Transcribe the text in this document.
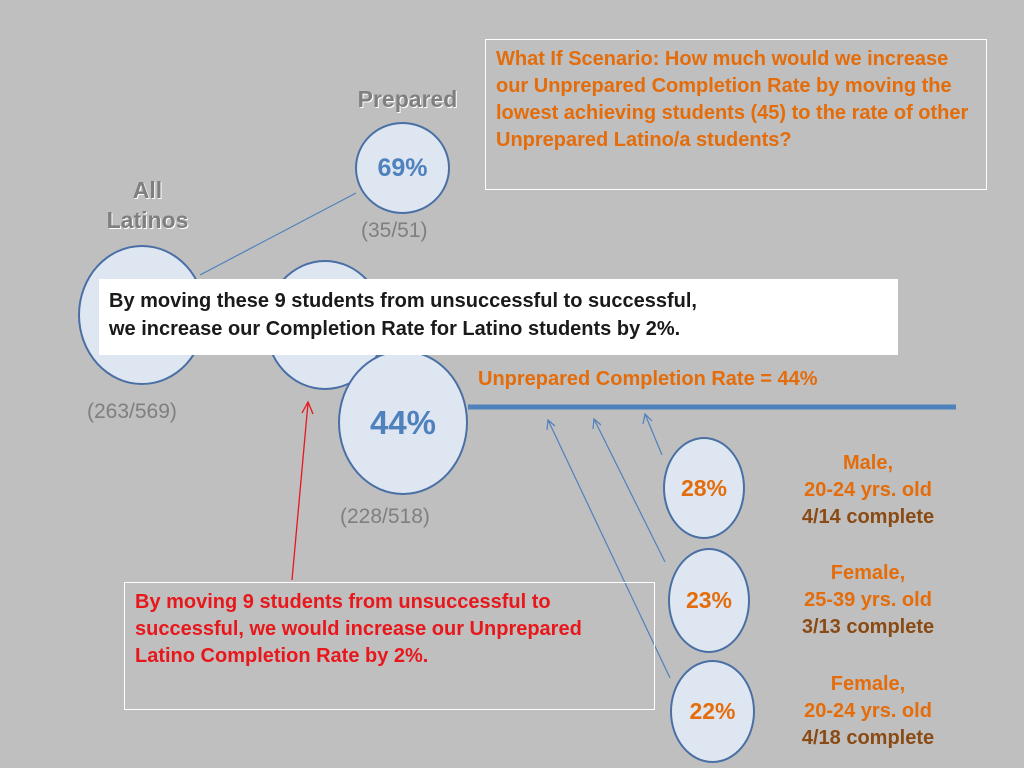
All
Latinos
Prepared
69%
44%
(263/569)
(35/51)
(228/518)
What If Scenario: How much would we increase our Unprepared Completion Rate by moving the lowest achieving students (45) to the rate of other Unprepared Latino/a students?
By moving these 9 students from unsuccessful to successful,
we increase our Completion Rate for Latino students by 2%.
Unprepared Completion Rate = 44%
By moving 9 students from unsuccessful to successful, we would increase our Unprepared Latino Completion Rate by 2%.
28%
23%
22%
Male,
20-24 yrs. old
4/14 complete
Female,
25-39 yrs. old
3/13 complete
Female,
20-24 yrs. old
4/18 complete
